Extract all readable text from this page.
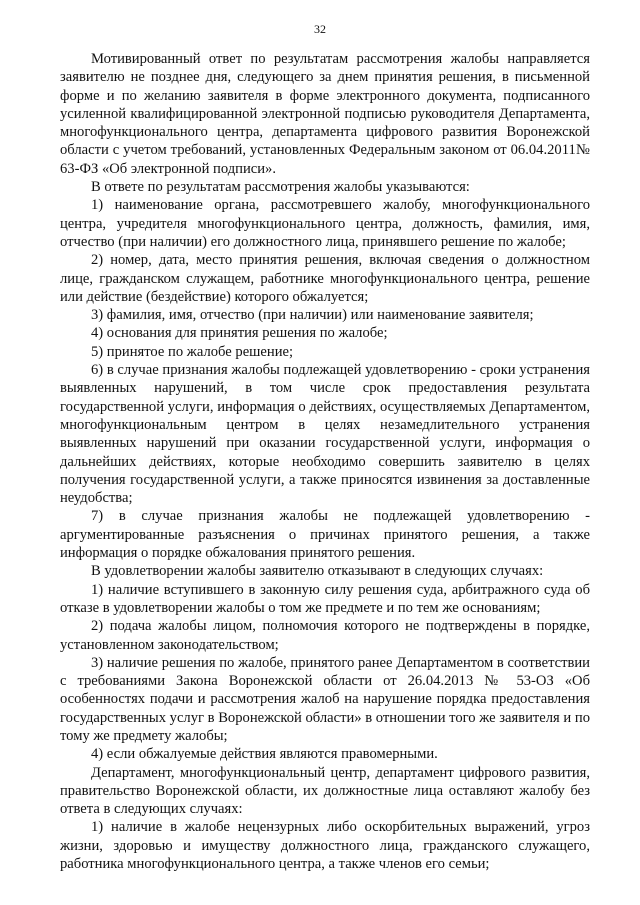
32

Мотивированный ответ по результатам рассмотрения жалобы направляется заявителю не позднее дня, следующего за днем принятия решения, в письменной форме и по желанию заявителя в форме электронного документа, подписанного усиленной квалифицированной электронной подписью руководителя Департамента, многофункционального центра, департамента цифрового развития Воронежской области с учетом требований, установленных Федеральным законом от 06.04.2011№ 63-ФЗ «Об электронной подписи».

В ответе по результатам рассмотрения жалобы указываются:

1) наименование органа, рассмотревшего жалобу, многофункционального центра, учредителя многофункционального центра, должность, фамилия, имя, отчество (при наличии) его должностного лица, принявшего решение по жалобе;

2) номер, дата, место принятия решения, включая сведения о должностном лице, гражданском служащем, работнике многофункционального центра, решение или действие (бездействие) которого обжалуется;

3) фамилия, имя, отчество (при наличии) или наименование заявителя;

4) основания для принятия решения по жалобе;

5) принятое по жалобе решение;

6) в случае признания жалобы подлежащей удовлетворению - сроки устранения выявленных нарушений, в том числе срок предоставления результата государственной услуги, информация о действиях, осуществляемых Департаментом, многофункциональным центром в целях незамедлительного устранения выявленных нарушений при оказании государственной услуги, информация о дальнейших действиях, которые необходимо совершить заявителю в целях получения государственной услуги, а также приносятся извинения за доставленные неудобства;

7) в случае признания жалобы не подлежащей удовлетворению - аргументированные разъяснения о причинах принятого решения, а также информация о порядке обжалования принятого решения.

В удовлетворении жалобы заявителю отказывают в следующих случаях:

1) наличие вступившего в законную силу решения суда, арбитражного суда об отказе в удовлетворении жалобы о том же предмете и по тем же основаниям;

2) подача жалобы лицом, полномочия которого не подтверждены в порядке, установленном законодательством;

3) наличие решения по жалобе, принятого ранее Департаментом в соответствии с требованиями Закона Воронежской области от 26.04.2013 № 53-ОЗ «Об особенностях подачи и рассмотрения жалоб на нарушение порядка предоставления государственных услуг в Воронежской области» в отношении того же заявителя и по тому же предмету жалобы;

4) если обжалуемые действия являются правомерными.

Департамент, многофункциональный центр, департамент цифрового развития, правительство Воронежской области, их должностные лица оставляют жалобу без ответа в следующих случаях:

1) наличие в жалобе нецензурных либо оскорбительных выражений, угроз жизни, здоровью и имуществу должностного лица, гражданского служащего, работника многофункционального центра, а также членов его семьи;
